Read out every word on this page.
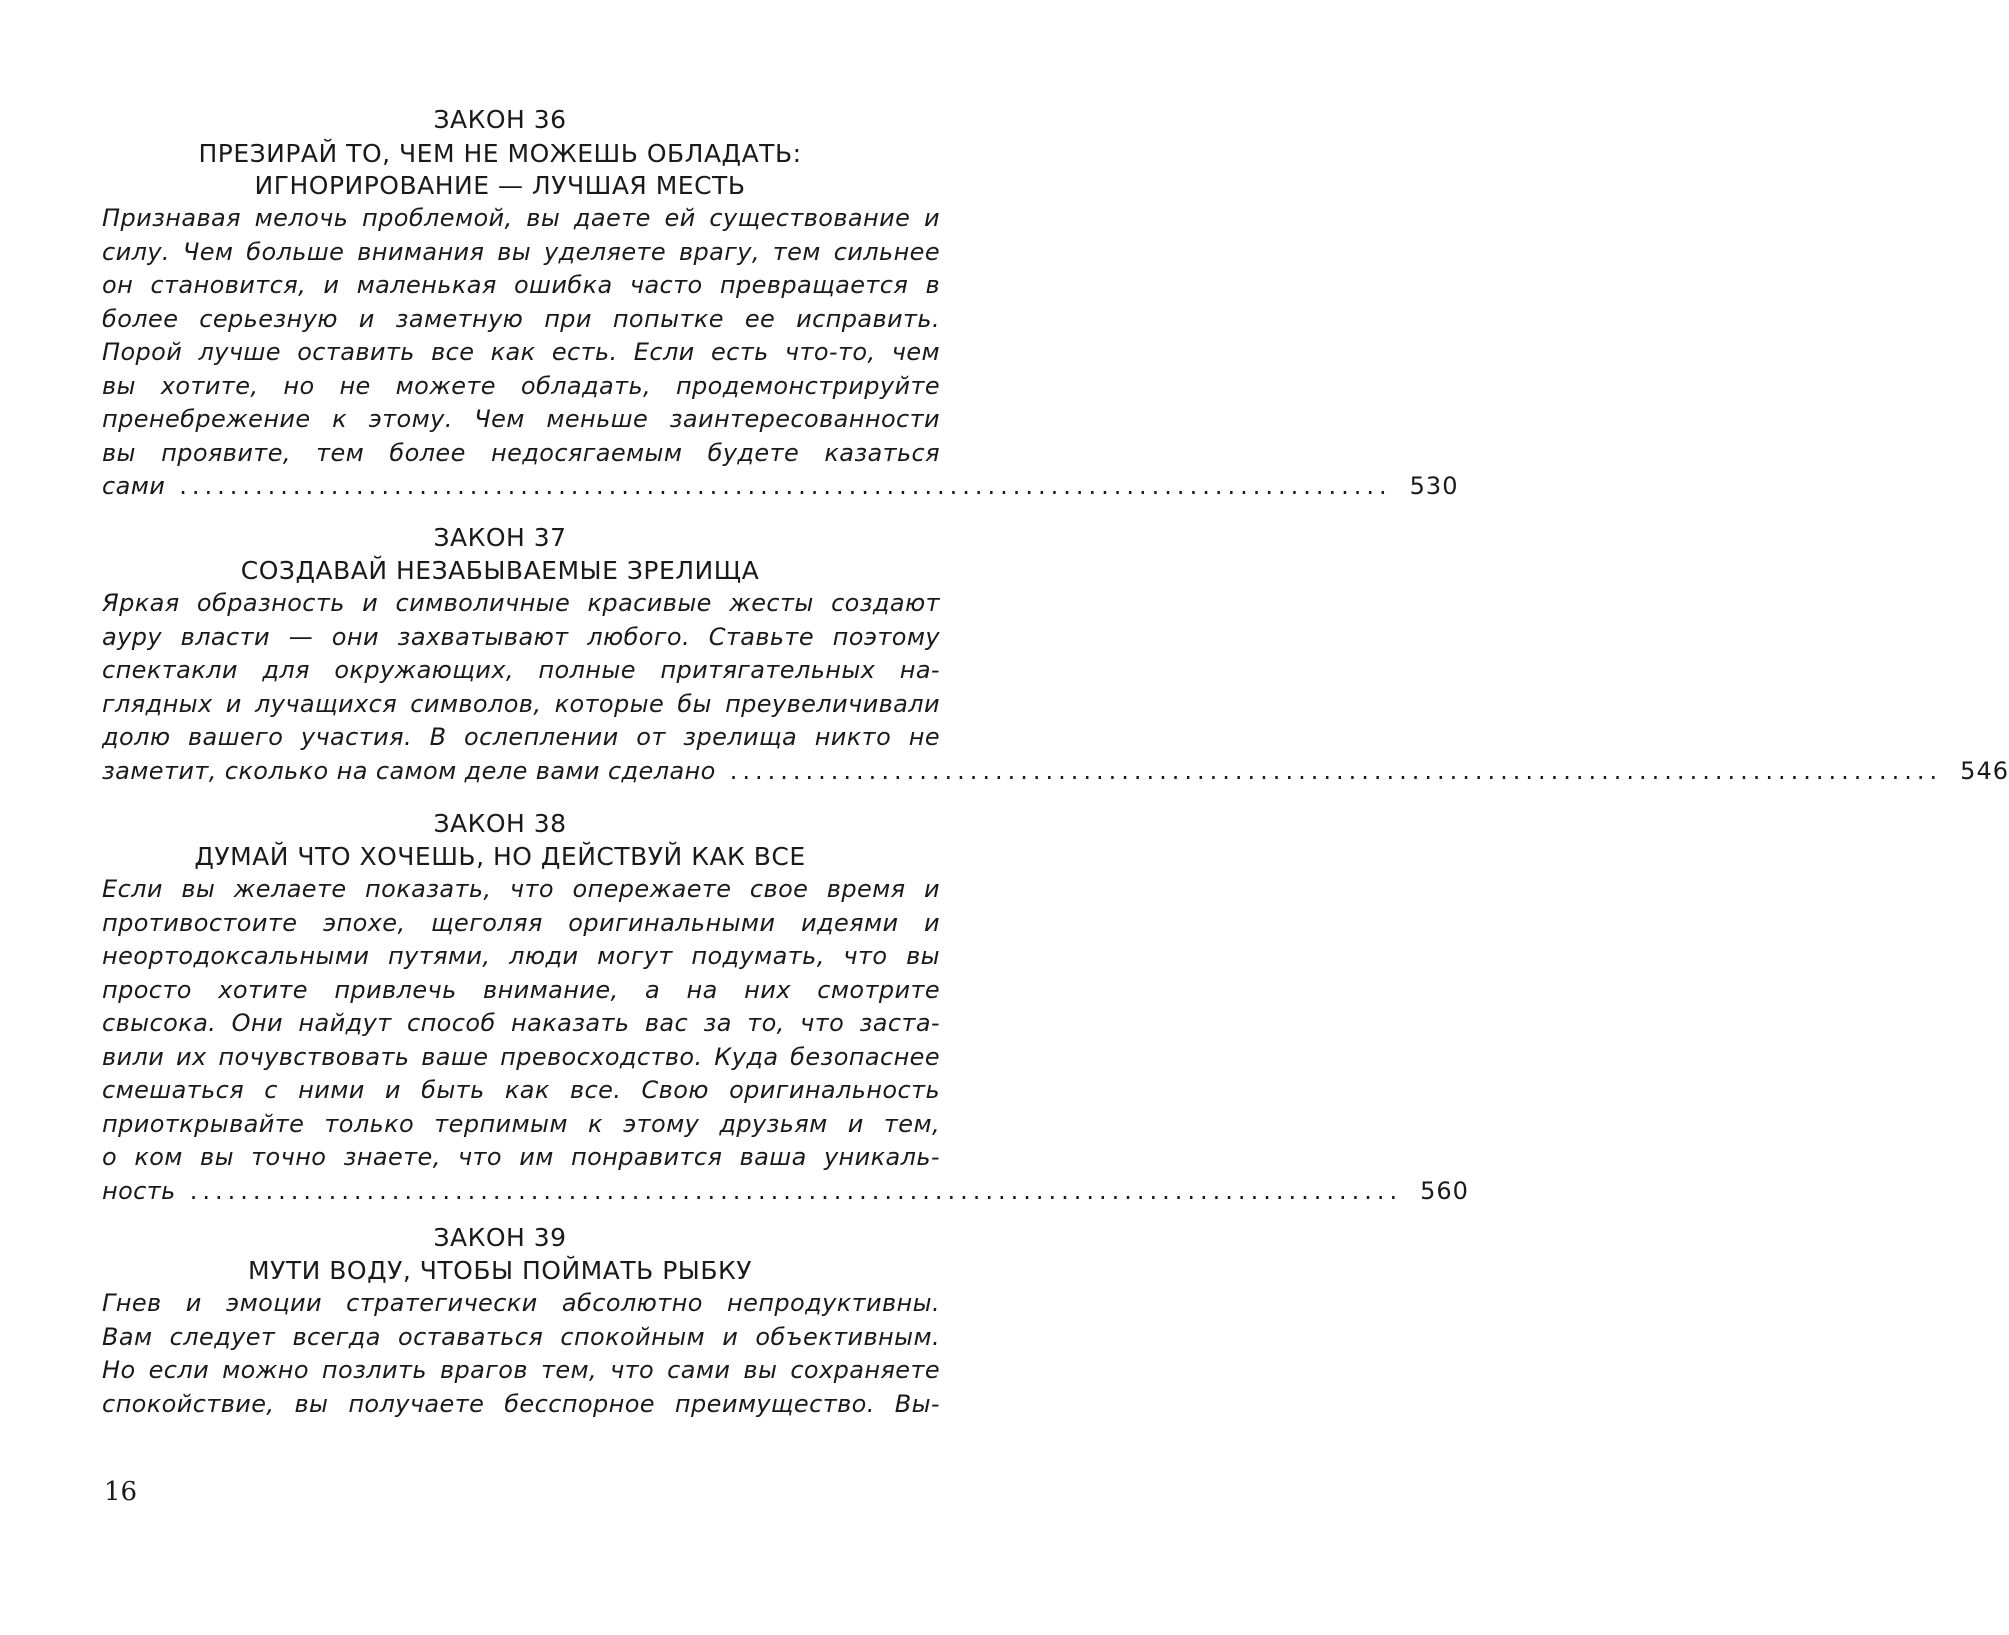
ЗАКОН 36
ПРЕЗИРАЙ ТО, ЧЕМ НЕ МОЖЕШЬ ОБЛАДАТЬ:
ИГНОРИРОВАНИЕ — ЛУЧШАЯ МЕСТЬ
Признавая мелочь проблемой, вы даете ей существование и
силу. Чем больше внимания вы уделяете врагу, тем сильнее
он становится, и маленькая ошибка часто превращается в
более серьезную и заметную при попытке ее исправить.
Порой лучше оставить все как есть. Если есть что-то, чем
вы хотите, но не можете обладать, продемонстрируйте
пренебрежение к этому. Чем меньше заинтересованности
вы проявите, тем более недосягаемым будете казаться
сами ................................................................................................ 530
ЗАКОН 37
СОЗДАВАЙ НЕЗАБЫВАЕМЫЕ ЗРЕЛИЩА
Яркая образность и символичные красивые жесты создают
ауру власти — они захватывают любого. Ставьте поэтому
спектакли для окружающих, полные притягательных на-
глядных и лучащихся символов, которые бы преувеличивали
долю вашего участия. В ослеплении от зрелища никто не
заметит, сколько на самом деле вами сделано ................................................................................................ 546
ЗАКОН 38
ДУМАЙ ЧТО ХОЧЕШЬ, НО ДЕЙСТВУЙ КАК ВСЕ
Если вы желаете показать, что опережаете свое время и
противостоите эпохе, щеголяя оригинальными идеями и
неортодоксальными путями, люди могут подумать, что вы
просто хотите привлечь внимание, а на них смотрите
свысока. Они найдут способ наказать вас за то, что заста-
вили их почувствовать ваше превосходство. Куда безопаснее
смешаться с ними и быть как все. Свою оригинальность
приоткрывайте только терпимым к этому друзьям и тем,
о ком вы точно знаете, что им понравится ваша уникаль-
ность ................................................................................................ 560
ЗАКОН 39
МУТИ ВОДУ, ЧТОБЫ ПОЙМАТЬ РЫБКУ
Гнев и эмоции стратегически абсолютно непродуктивны.
Вам следует всегда оставаться спокойным и объективным.
Но если можно позлить врагов тем, что сами вы сохраняете
спокойствие, вы получаете бесспорное преимущество. Вы-
16
